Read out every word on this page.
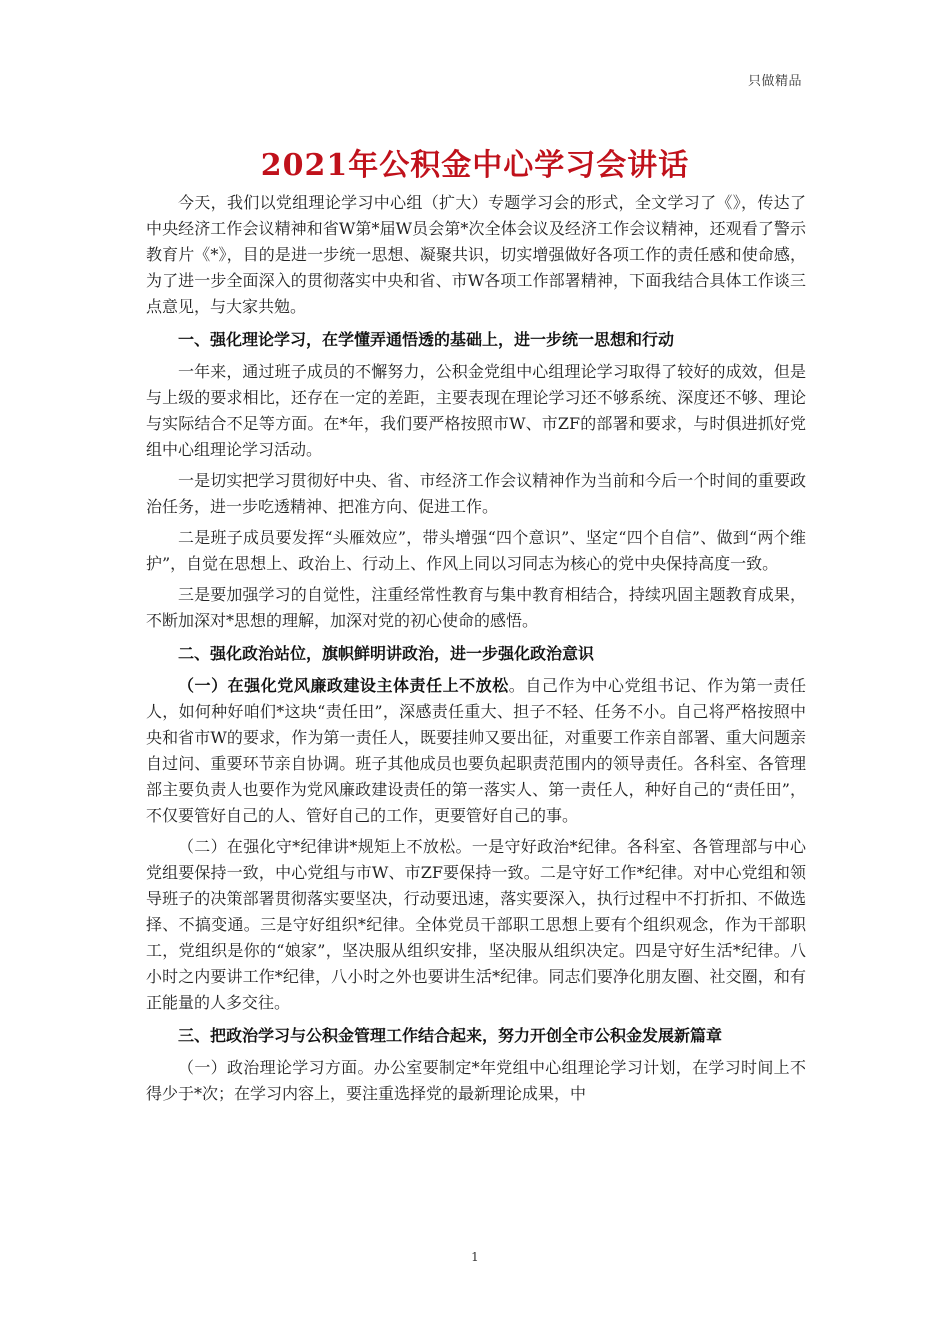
只做精品
2021年公积金中心学习会讲话

今天，我们以党组理论学习中心组（扩大）专题学习会的形式，全文学习了《》，传达了中央经济工作会议精神和省W第*届W员会第*次全体会议及经济工作会议精神，还观看了警示教育片《*》，目的是进一步统一思想、凝聚共识，切实增强做好各项工作的责任感和使命感，为了进一步全面深入的贯彻落实中央和省、市W各项工作部署精神，下面我结合具体工作谈三点意见，与大家共勉。

一、强化理论学习，在学懂弄通悟透的基础上，进一步统一思想和行动

一年来，通过班子成员的不懈努力，公积金党组中心组理论学习取得了较好的成效，但是与上级的要求相比，还存在一定的差距，主要表现在理论学习还不够系统、深度还不够、理论与实际结合不足等方面。在*年，我们要严格按照市W、市ZF的部署和要求，与时俱进抓好党组中心组理论学习活动。

一是切实把学习贯彻好中央、省、市经济工作会议精神作为当前和今后一个时间的重要政治任务，进一步吃透精神、把准方向、促进工作。

二是班子成员要发挥“头雁效应”，带头增强“四个意识”、坚定“四个自信”、做到“两个维护”，自觉在思想上、政治上、行动上、作风上同以习同志为核心的党中央保持高度一致。

三是要加强学习的自觉性，注重经常性教育与集中教育相结合，持续巩固主题教育成果，不断加深对*思想的理解，加深对党的初心使命的感悟。

二、强化政治站位，旗帜鲜明讲政治，进一步强化政治意识

（一）在强化党风廉政建设主体责任上不放松。自己作为中心党组书记、作为第一责任人，如何种好咱们*这块“责任田”，深感责任重大、担子不轻、任务不小。自己将严格按照中央和省市W的要求，作为第一责任人，既要挂帅又要出征，对重要工作亲自部署、重大问题亲自过问、重要环节亲自协调。班子其他成员也要负起职责范围内的领导责任。各科室、各管理部主要负责人也要作为党风廉政建设责任的第一落实人、第一责任人，种好自己的“责任田”，不仅要管好自己的人、管好自己的工作，更要管好自己的事。

（二）在强化守*纪律讲*规矩上不放松。一是守好政治*纪律。各科室、各管理部与中心党组要保持一致，中心党组与市W、市ZF要保持一致。二是守好工作*纪律。对中心党组和领导班子的决策部署贯彻落实要坚决，行动要迅速，落实要深入，执行过程中不打折扣、不做选择、不搞变通。三是守好组织*纪律。全体党员干部职工思想上要有个组织观念，作为干部职工，党组织是你的“娘家”，坚决服从组织安排，坚决服从组织决定。四是守好生活*纪律。八小时之内要讲工作*纪律，八小时之外也要讲生活*纪律。同志们要净化朋友圈、社交圈，和有正能量的人多交往。

三、把政治学习与公积金管理工作结合起来，努力开创全市公积金发展新篇章

（一）政治理论学习方面。办公室要制定*年党组中心组理论学习计划，在学习时间上不得少于*次；在学习内容上，要注重选择党的最新理论成果，中

1
